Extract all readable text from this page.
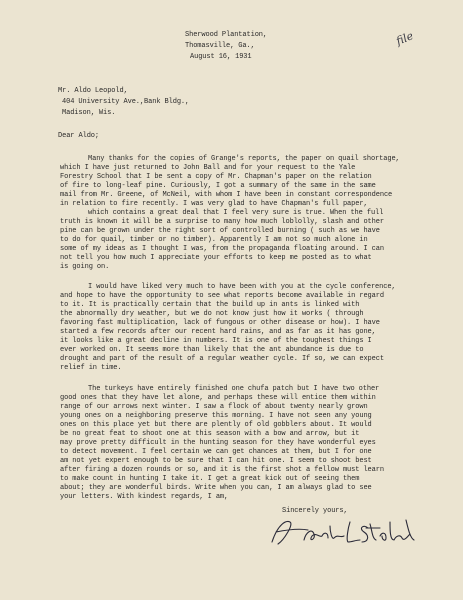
file
Sherwood Plantation,
Thomasville, Ga.,
August 16, 1931
Mr. Aldo Leopold,
404 University Ave.,Bank Bldg.,
Madison, Wis.
Dear Aldo;
Many thanks for the copies of Grange's reports, the paper on quail shortage,
which I have just returned to John Ball and for your request to the Yale
Forestry School that I be sent a copy of Mr. Chapman's paper on the relation
of fire to long-leaf pine. Curiously, I got a summary of the same in the same
mail from Mr. Greene, of McNeil, with whom I have been in constant correspondence
in relation to fire recently. I was very glad to have Chapman's full paper,
which contains a great deal that I feel very sure is true. When the full
truth is known it will be a surprise to many how much loblolly, slash and other
pine can be grown under the right sort of controlled burning ( such as we have
to do for quail, timber or no timber). Apparently I am not so much alone in
some of my ideas as I thought I was, from the propaganda floating around. I can
not tell you how much I appreciate your efforts to keep me posted as to what
is going on.
I would have liked very much to have been with you at the cycle conference,
and hope to have the opportunity to see what reports become available in regard
to it. It is practically certain that the build up in ants is linked with
the abnormally dry weather, but we do not know just how it works ( through
favoring fast multiplication, lack of fungous or other disease or how). I have
started a few records after our recent hard rains, and as far as it has gone,
it looks like a great decline in numbers. It is one of the toughest things I
ever worked on. It seems more than likely that the ant abundance is due to
drought and part of the result of a regular weather cycle. If so, we can expect
relief in time.
The turkeys have entirely finished one chufa patch but I have two other
good ones that they have let alone, and perhaps these will entice them within
range of our arrows next winter. I saw a flock of about twenty nearly grown
young ones on a neighboring preserve this morning. I have not seen any young
ones on this place yet but there are plently of old gobblers about. It would
be no great feat to shoot one at this season with a bow and arrow, but it
may prove pretty difficult in the hunting season for they have wonderful eyes
to detect movement. I feel certain we can get chances at them, but I for one
am not yet expert enough to be sure that I can hit one. I seem to shoot best
after firing a dozen rounds or so, and it is the first shot a fellow must learn
to make count in hunting I take it. I get a great kick out of seeing them
about; they are wonderful birds. Write when you can, I am always glad to see
your letters. With kindest regards, I am,
Sincerely yours,
